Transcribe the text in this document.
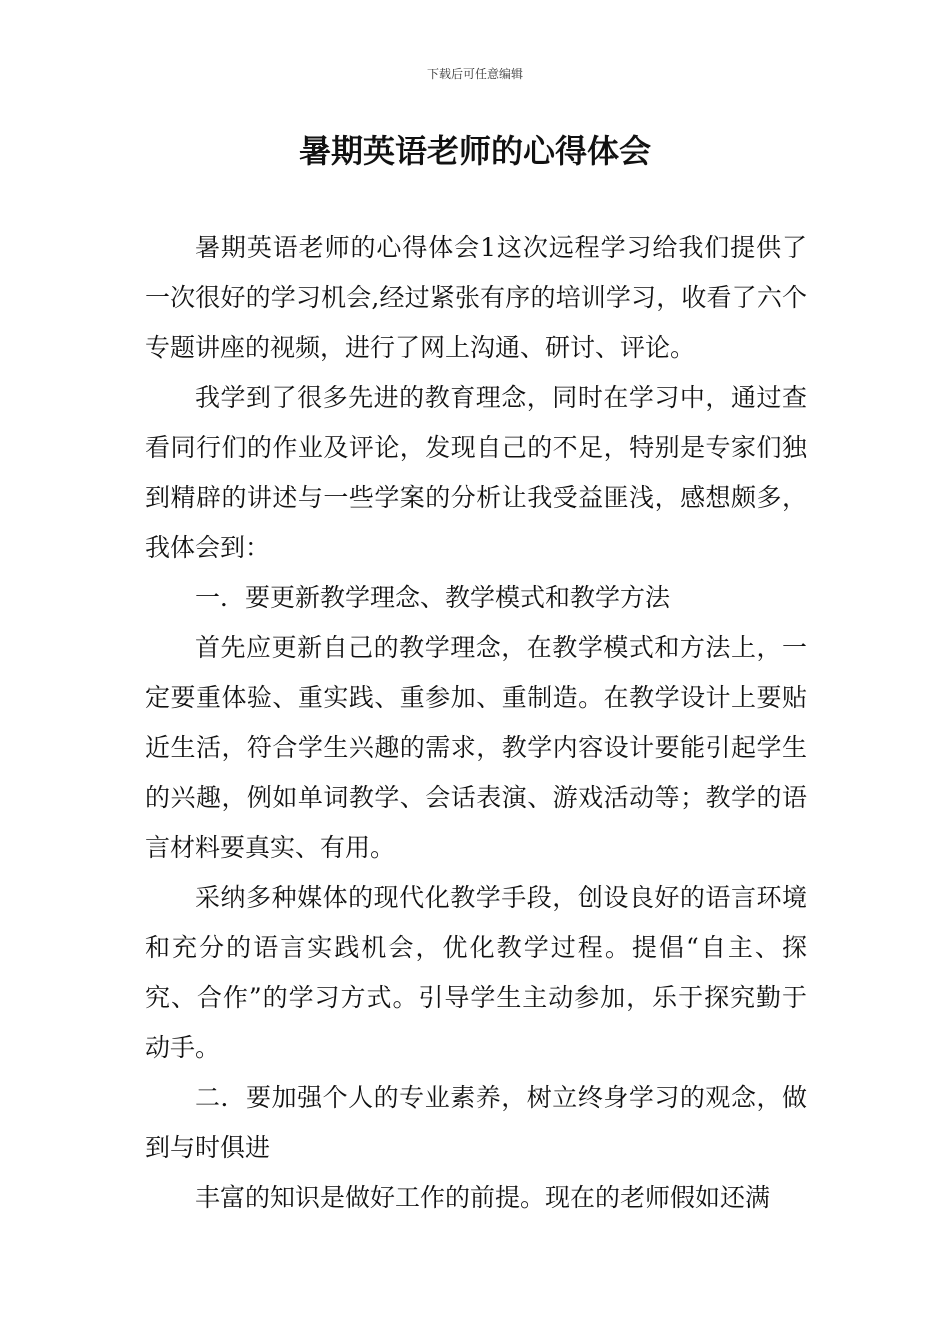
下载后可任意编辑
暑期英语老师的心得体会

暑期英语老师的心得体会1这次远程学习给我们提供了一次很好的学习机会,经过紧张有序的培训学习，收看了六个专题讲座的视频，进行了网上沟通、研讨、评论。

我学到了很多先进的教育理念，同时在学习中，通过查看同行们的作业及评论，发现自己的不足，特别是专家们独到精辟的讲述与一些学案的分析让我受益匪浅，感想颇多，我体会到：

一．要更新教学理念、教学模式和教学方法

首先应更新自己的教学理念，在教学模式和方法上，一定要重体验、重实践、重参加、重制造。在教学设计上要贴近生活，符合学生兴趣的需求，教学内容设计要能引起学生的兴趣，例如单词教学、会话表演、游戏活动等；教学的语言材料要真实、有用。

采纳多种媒体的现代化教学手段，创设良好的语言环境和充分的语言实践机会，优化教学过程。提倡“自主、探究、合作”的学习方式。引导学生主动参加，乐于探究勤于动手。

二．要加强个人的专业素养，树立终身学习的观念，做到与时俱进

丰富的知识是做好工作的前提。现在的老师假如还满
